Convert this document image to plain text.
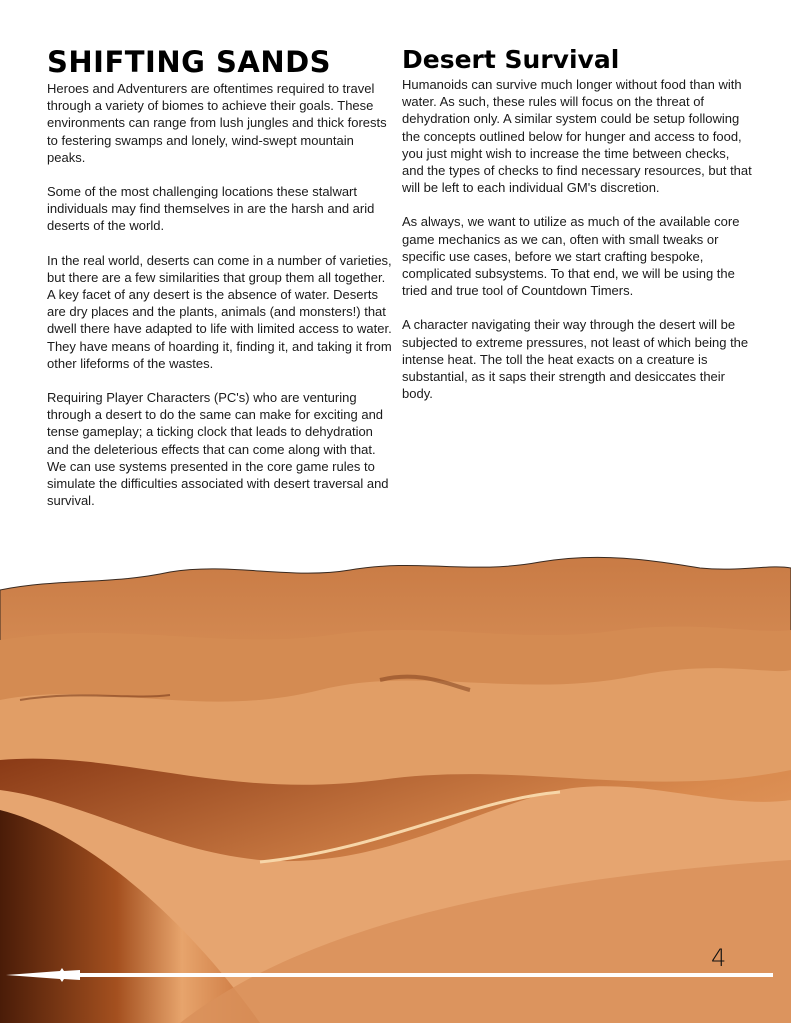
SHIFTING SANDS

Heroes and Adventurers are oftentimes required to travel through a variety of biomes to achieve their goals. These environments can range from lush jungles and thick forests to festering swamps and lonely, wind-swept mountain peaks.

Some of the most challenging locations these stalwart individuals may find themselves in are the harsh and arid deserts of the world.

In the real world, deserts can come in a number of varieties, but there are a few similarities that group them all together. A key facet of any desert is the absence of water. Deserts are dry places and the plants, animals (and monsters!) that dwell there have adapted to life with limited access to water. They have means of hoarding it, finding it, and taking it from other lifeforms of the wastes.

Requiring Player Characters (PC's) who are venturing through a desert to do the same can make for exciting and tense gameplay; a ticking clock that leads to dehydration and the deleterious effects that can come along with that. We can use systems presented in the core game rules to simulate the difficulties associated with desert traversal and survival.

Desert Survival

Humanoids can survive much longer without food than with water. As such, these rules will focus on the threat of dehydration only. A similar system could be setup following the concepts outlined below for hunger and access to food, you just might wish to increase the time between checks, and the types of checks to find necessary resources, but that will be left to each individual GM's discretion.

As always, we want to utilize as much of the available core game mechanics as we can, often with small tweaks or specific use cases, before we start crafting bespoke, complicated subsystems. To that end, we will be using the tried and true tool of Countdown Timers.

A character navigating their way through the desert will be subjected to extreme pressures, not least of which being the intense heat. The toll the heat exacts on a creature is substantial, as it saps their strength and desiccates their body.

4
